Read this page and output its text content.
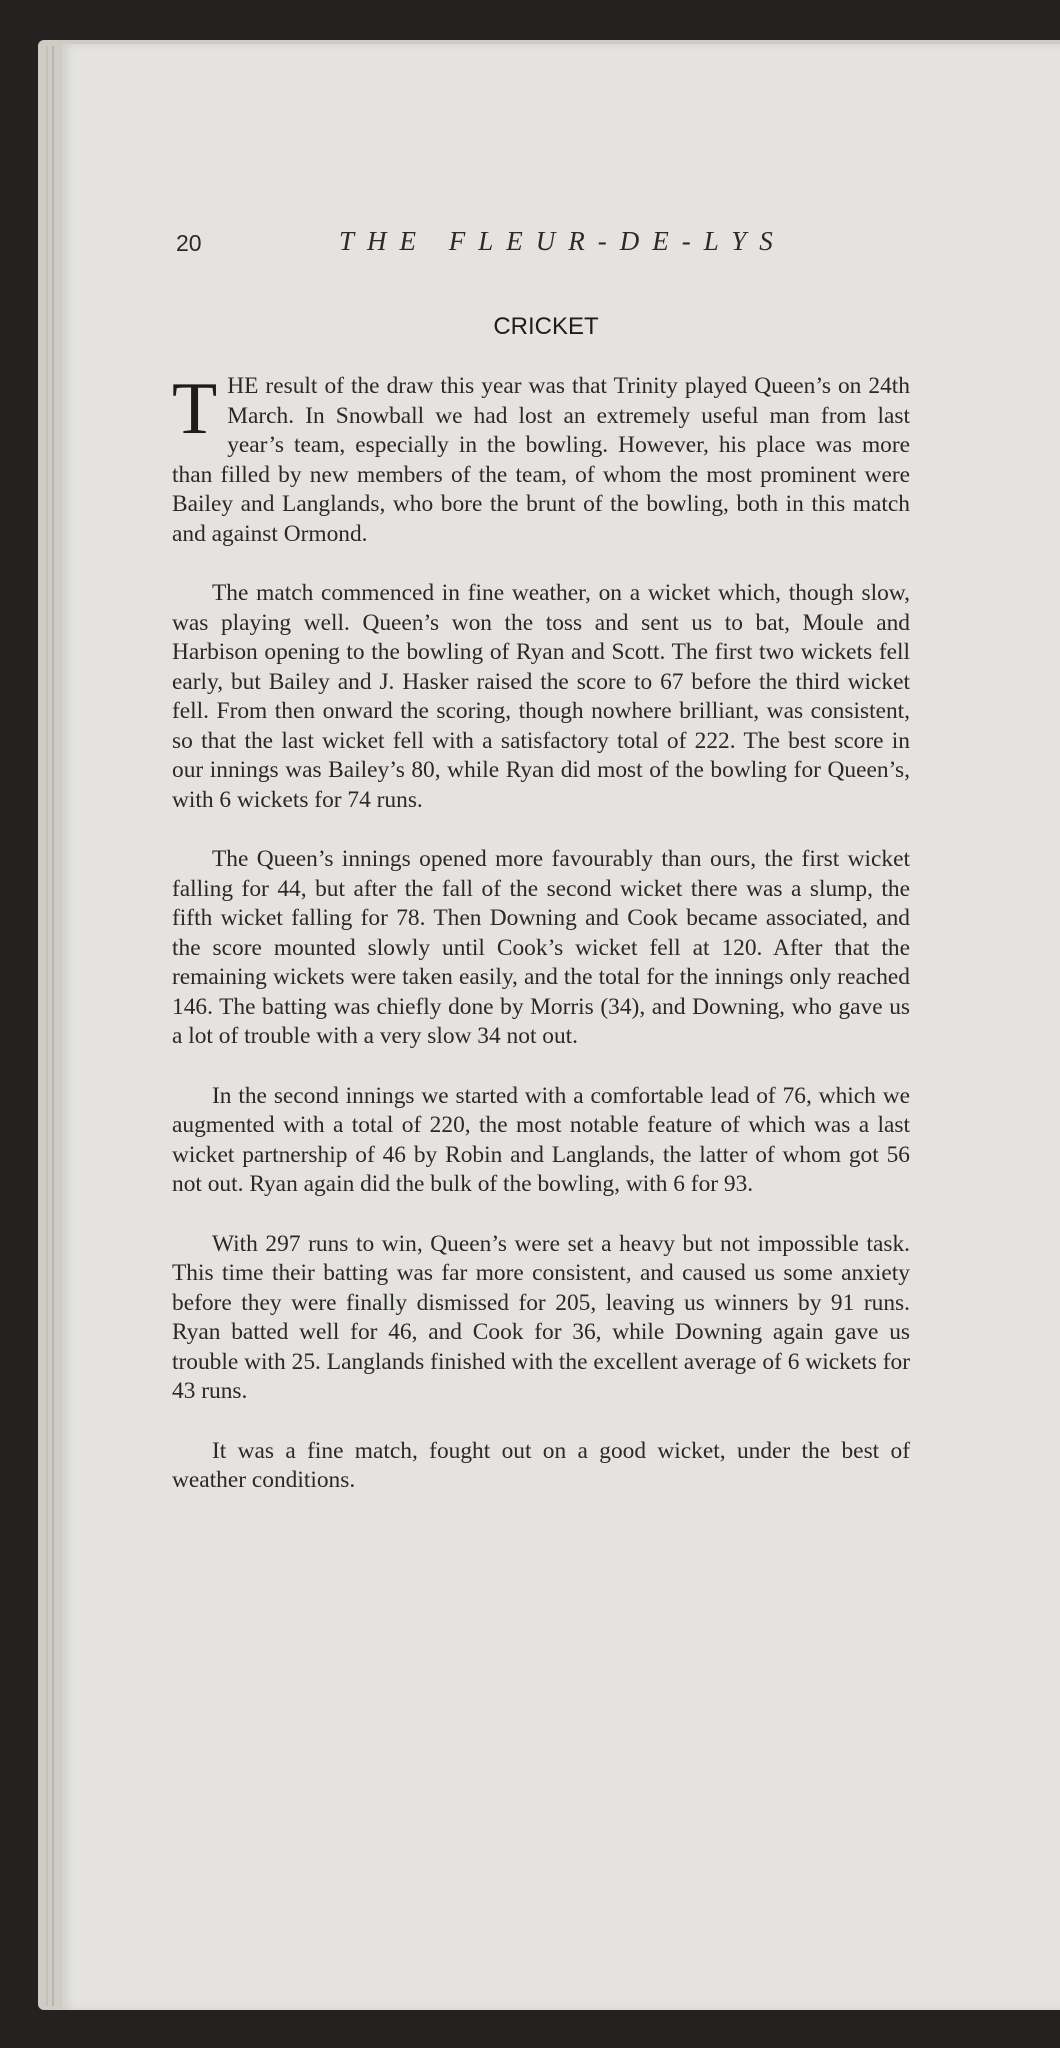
20	THE FLEUR-DE-LYS
CRICKET

THE result of the draw this year was that Trinity played Queen’s on 24th March. In Snowball we had lost an extremely useful man from last year’s team, especially in the bowling. However, his place was more than filled by new members of the team, of whom the most prominent were Bailey and Langlands, who bore the brunt of the bowling, both in this match and against Ormond.

The match commenced in fine weather, on a wicket which, though slow, was playing well. Queen’s won the toss and sent us to bat, Moule and Harbison opening to the bowling of Ryan and Scott. The first two wickets fell early, but Bailey and J. Hasker raised the score to 67 before the third wicket fell. From then onward the scoring, though nowhere brilliant, was consistent, so that the last wicket fell with a satisfactory total of 222. The best score in our innings was Bailey’s 80, while Ryan did most of the bowling for Queen’s, with 6 wickets for 74 runs.

The Queen’s innings opened more favourably than ours, the first wicket falling for 44, but after the fall of the second wicket there was a slump, the fifth wicket falling for 78. Then Downing and Cook became associated, and the score mounted slowly until Cook’s wicket fell at 120. After that the remaining wickets were taken easily, and the total for the innings only reached 146. The batting was chiefly done by Morris (34), and Downing, who gave us a lot of trouble with a very slow 34 not out.

In the second innings we started with a comfortable lead of 76, which we augmented with a total of 220, the most notable feature of which was a last wicket partnership of 46 by Robin and Langlands, the latter of whom got 56 not out. Ryan again did the bulk of the bowling, with 6 for 93.

With 297 runs to win, Queen’s were set a heavy but not impossible task. This time their batting was far more consistent, and caused us some anxiety before they were finally dismissed for 205, leaving us winners by 91 runs. Ryan batted well for 46, and Cook for 36, while Downing again gave us trouble with 25. Langlands finished with the excellent average of 6 wickets for 43 runs.

It was a fine match, fought out on a good wicket, under the best of weather conditions.
